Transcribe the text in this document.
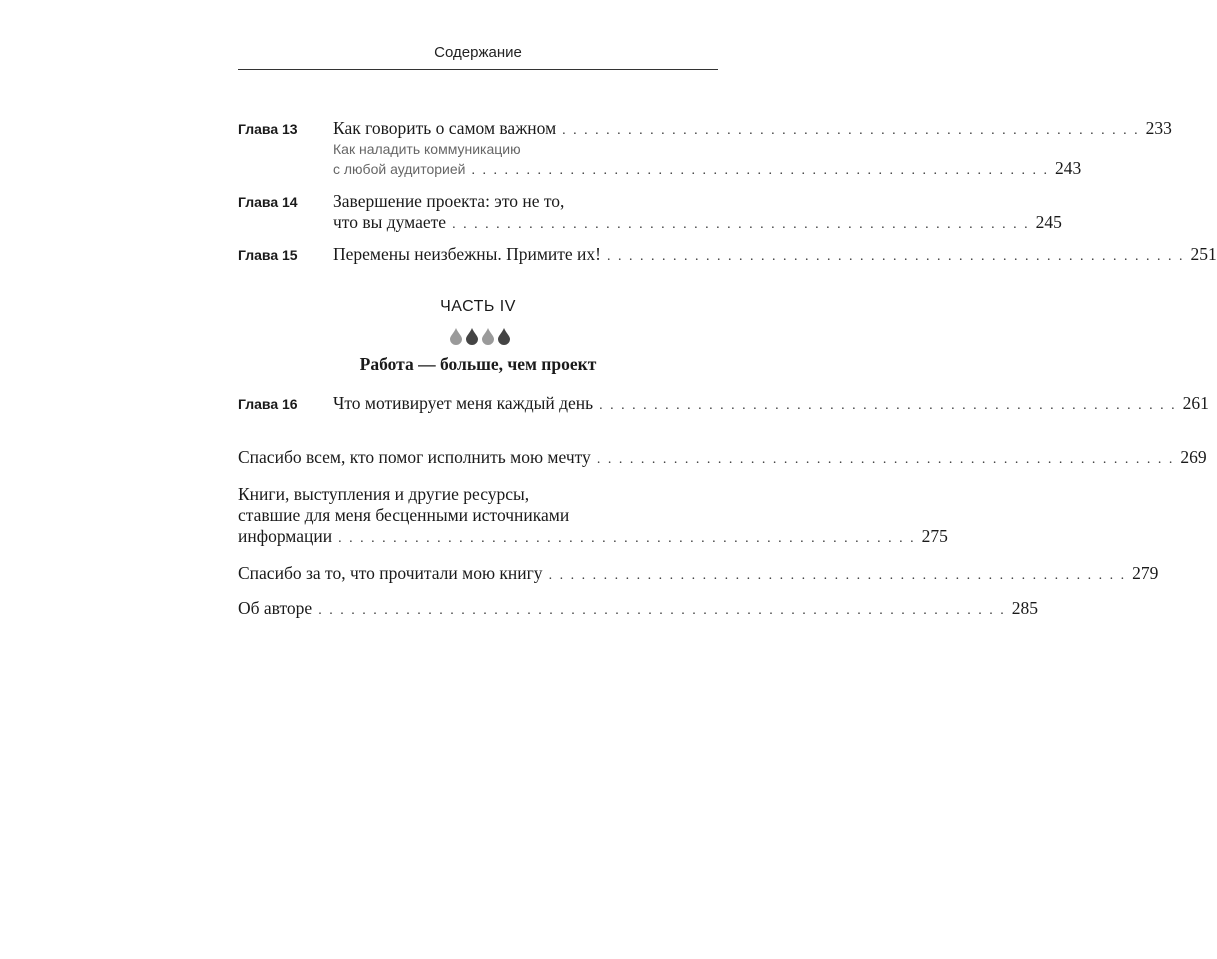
Содержание
Глава 13	Как говорить о самом важном . . . . . . . . . . . . . . . . . . . . . . . . . . . . . . . . . . . . . . . . . . . . . . . . . . . . . 233
Как наладить коммуникацию
с любой аудиторией . . . . . . . . . . . . . . . . . . . . . . . . . . . . . . . . . . . . . . . . . . . . . . . . . . . . . 243
Глава 14	Завершение проекта: это не то,
что вы думаете . . . . . . . . . . . . . . . . . . . . . . . . . . . . . . . . . . . . . . . . . . . . . . . . . . . . . 245
Глава 15	Перемены неизбежны. Примите их! . . . . . . . . . . . . . . . . . . . . . . . . . . . . . . . . . . . . . . . . . . . . . . . . . . . . . 251
ЧАСТЬ IV
Работа — больше, чем проект
Глава 16	Что мотивирует меня каждый день . . . . . . . . . . . . . . . . . . . . . . . . . . . . . . . . . . . . . . . . . . . . . . . . . . . . . 261
Спасибо всем, кто помог исполнить мою мечту . . . . . . . . . . . . . . . . . . . . . . . . . . . . . . . . . . . . . . . . . . . . . . . . . . . . . 269
Книги, выступления и другие ресурсы,
ставшие для меня бесценными источниками
информации . . . . . . . . . . . . . . . . . . . . . . . . . . . . . . . . . . . . . . . . . . . . . . . . . . . . . 275
Спасибо за то, что прочитали мою книгу . . . . . . . . . . . . . . . . . . . . . . . . . . . . . . . . . . . . . . . . . . . . . . . . . . . . . 279
Об авторе . . . . . . . . . . . . . . . . . . . . . . . . . . . . . . . . . . . . . . . . . . . . . . . . . . . . . . . . . . . . . . . 285
